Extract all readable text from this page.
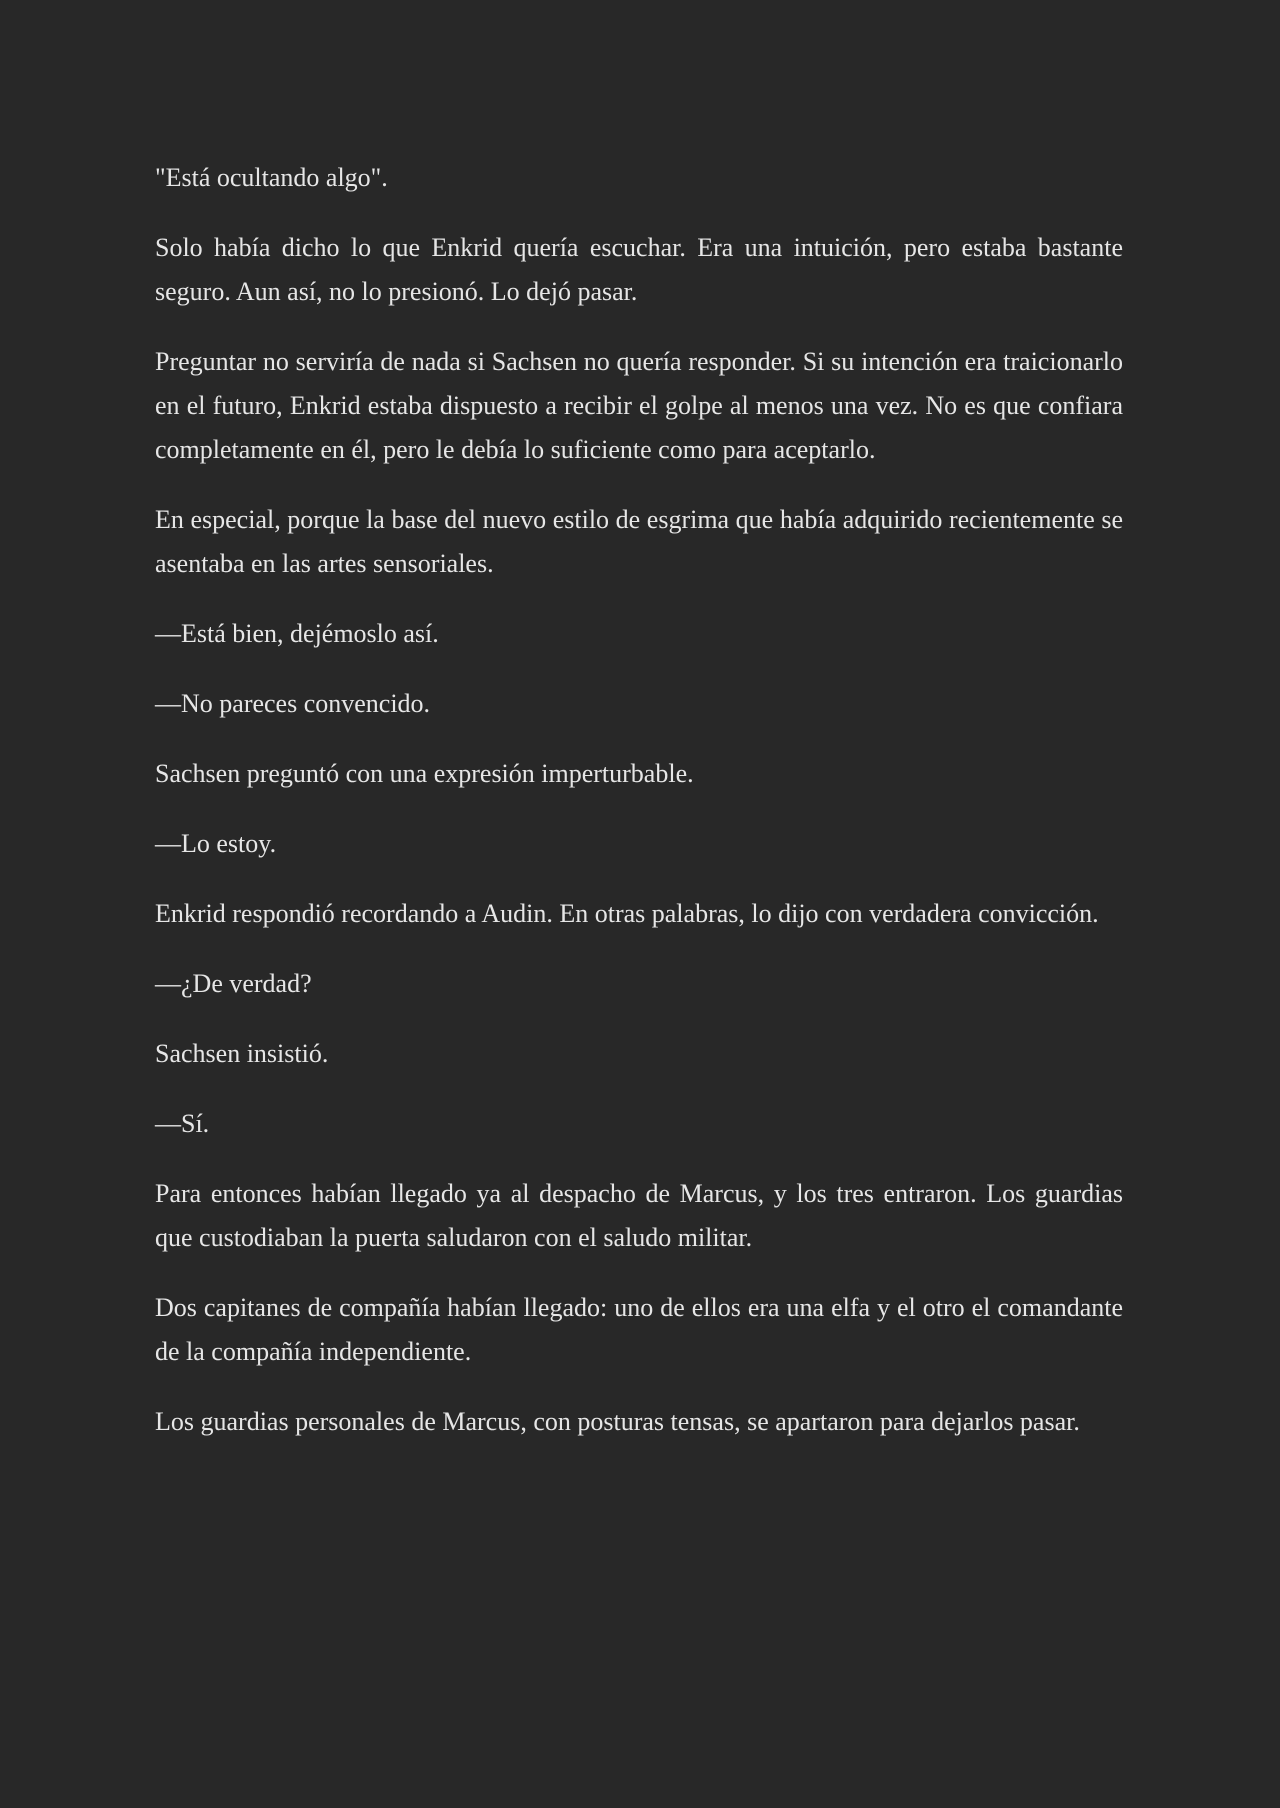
"Está ocultando algo".

Solo había dicho lo que Enkrid quería escuchar. Era una intuición, pero estaba bastante seguro. Aun así, no lo presionó. Lo dejó pasar.

Preguntar no serviría de nada si Sachsen no quería responder. Si su intención era traicionarlo en el futuro, Enkrid estaba dispuesto a recibir el golpe al menos una vez. No es que confiara completamente en él, pero le debía lo suficiente como para aceptarlo.

En especial, porque la base del nuevo estilo de esgrima que había adquirido recientemente se asentaba en las artes sensoriales.

—Está bien, dejémoslo así.

—No pareces convencido.

Sachsen preguntó con una expresión imperturbable.

—Lo estoy.

Enkrid respondió recordando a Audin. En otras palabras, lo dijo con verdadera convicción.

—¿De verdad?

Sachsen insistió.

—Sí.

Para entonces habían llegado ya al despacho de Marcus, y los tres entraron. Los guardias que custodiaban la puerta saludaron con el saludo militar.

Dos capitanes de compañía habían llegado: uno de ellos era una elfa y el otro el comandante de la compañía independiente.

Los guardias personales de Marcus, con posturas tensas, se apartaron para dejarlos pasar.
